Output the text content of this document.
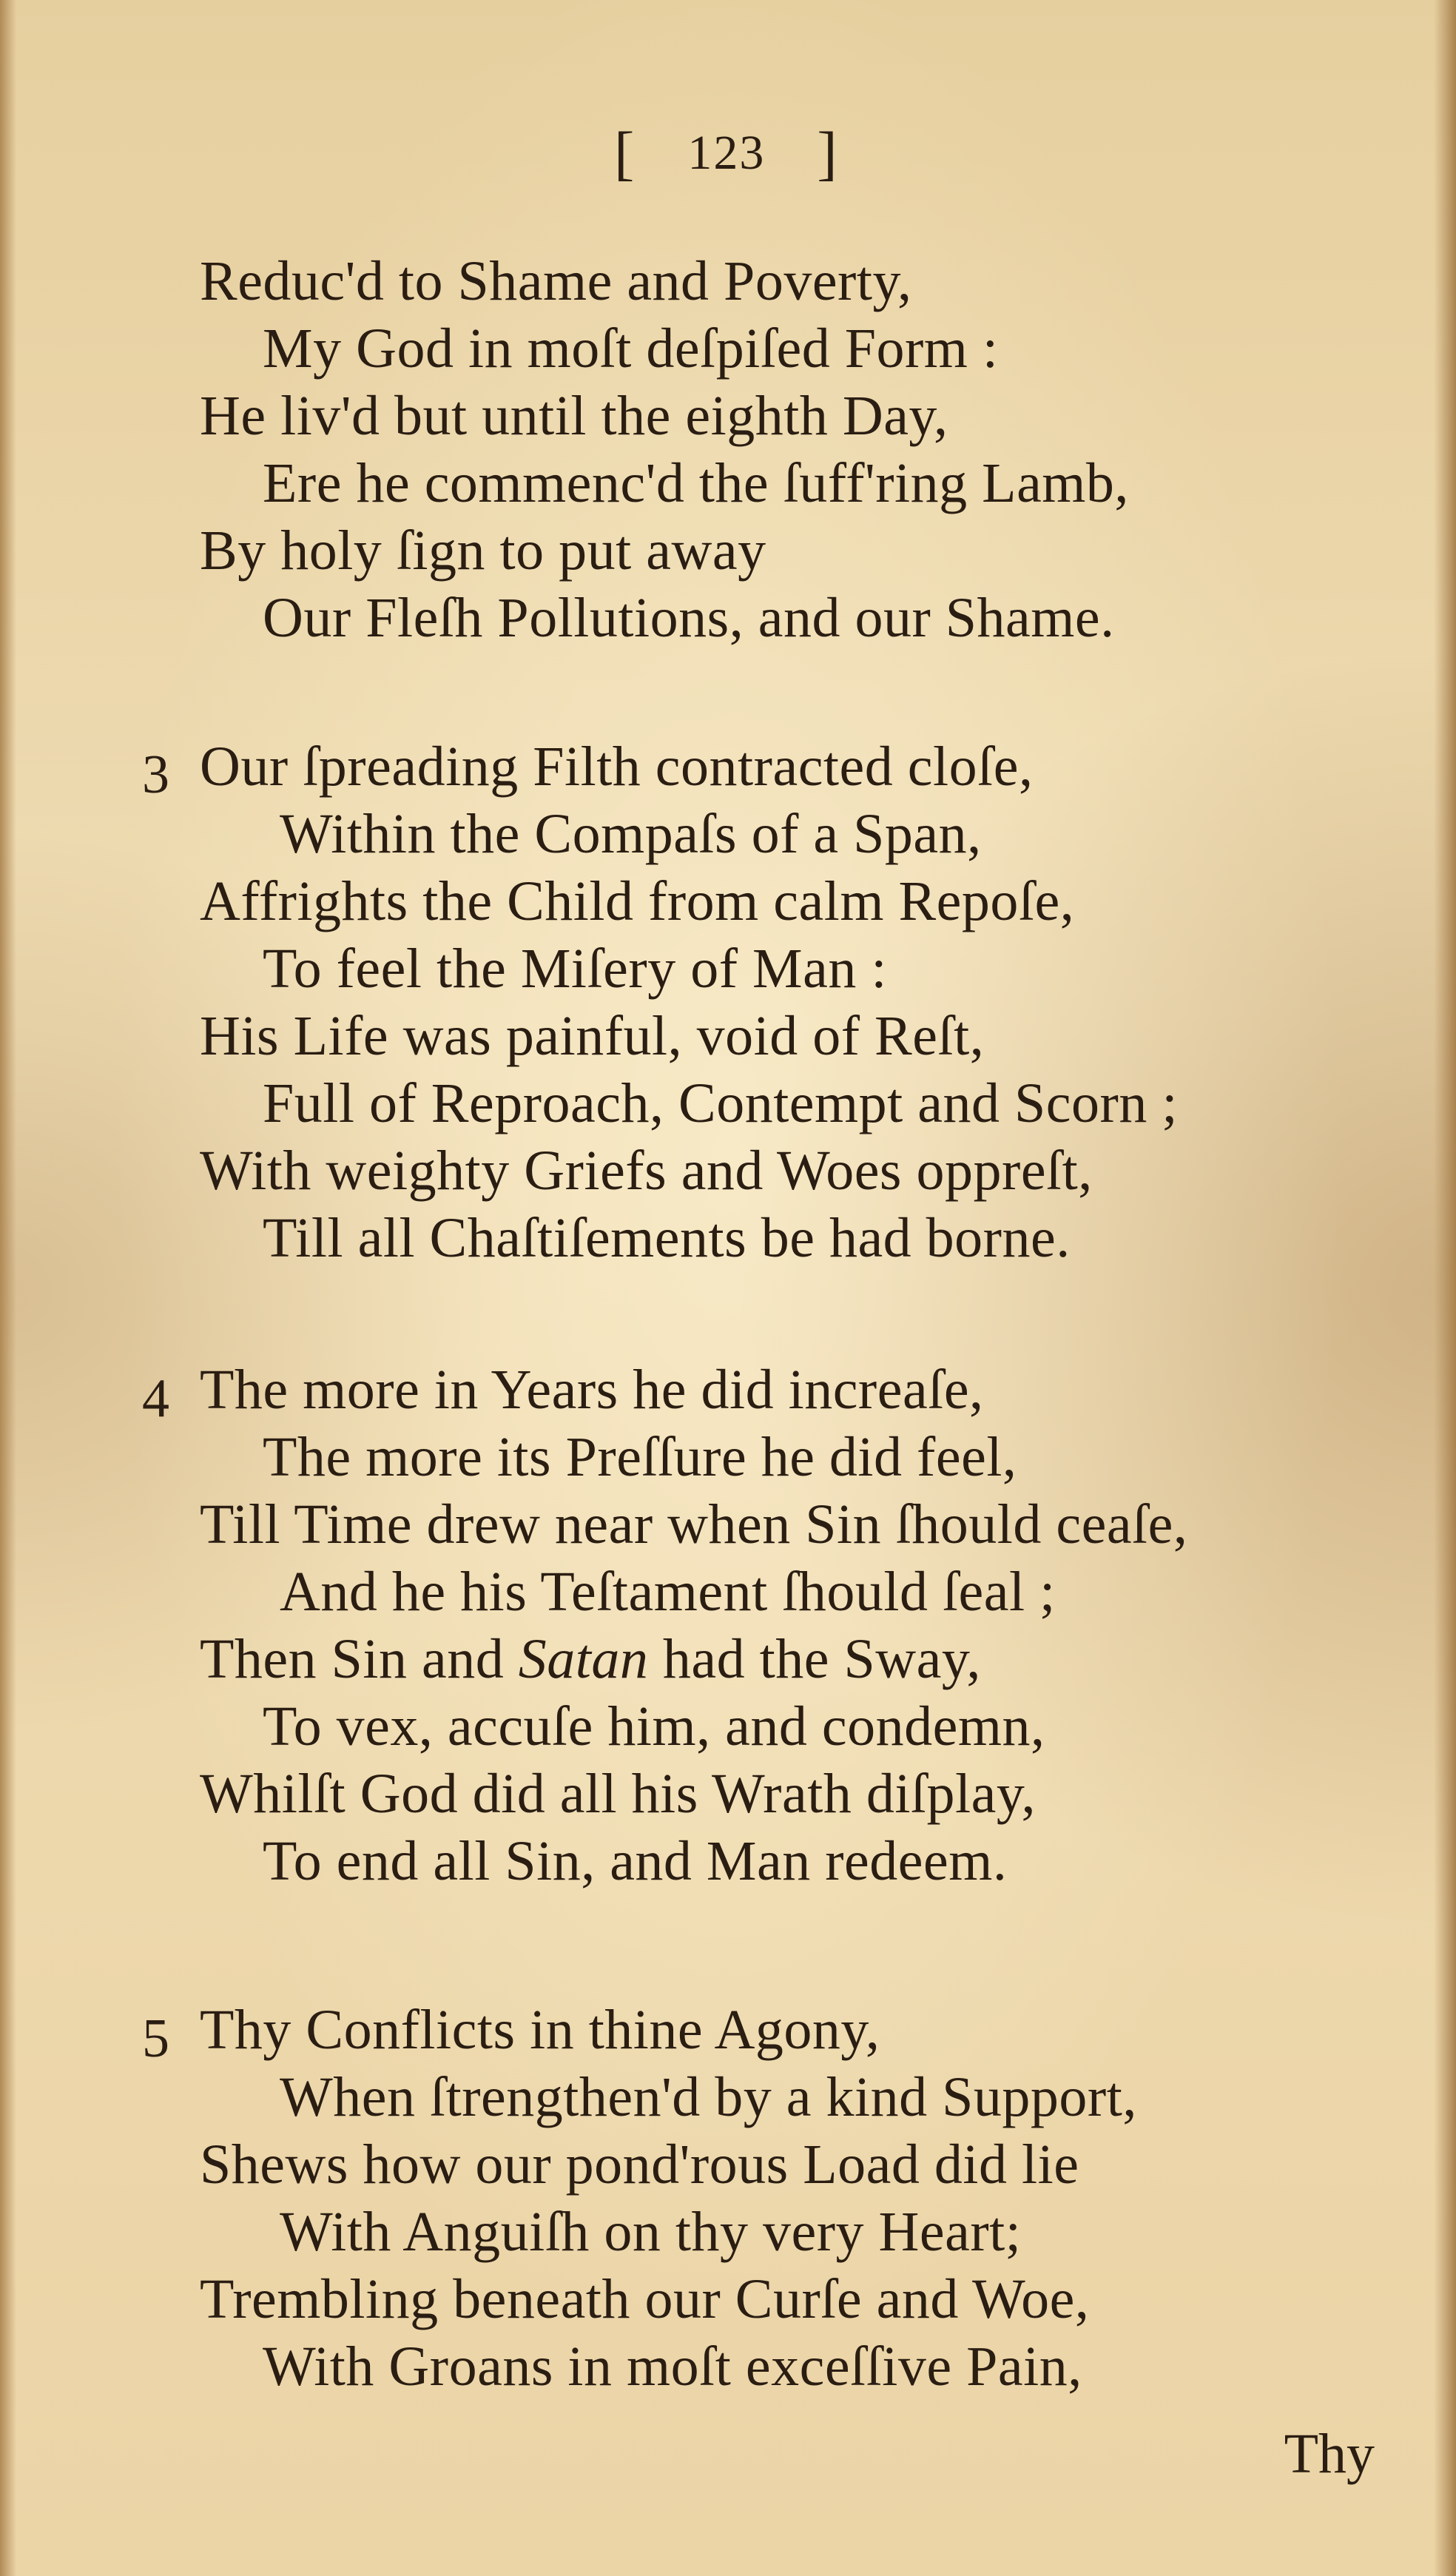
[ 123 ]
Reduc'd to Shame and Poverty,
My God in moſt deſpiſed Form :
He liv'd but until the eighth Day,
Ere he commenc'd the ſuff'ring Lamb,
By holy ſign to put away
Our Fleſh Pollutions, and our Shame.
3 Our ſpreading Filth contracted cloſe,
Within the Compaſs of a Span,
Affrights the Child from calm Repoſe,
To feel the Miſery of Man :
His Life was painful, void of Reſt,
Full of Reproach, Contempt and Scorn ;
With weighty Griefs and Woes oppreſt,
Till all Chaſtiſements be had borne.
4 The more in Years he did increaſe,
The more its Preſſure he did feel,
Till Time drew near when Sin ſhould ceaſe,
And he his Teſtament ſhould ſeal ;
Then Sin and Satan had the Sway,
To vex, accuſe him, and condemn,
Whilſt God did all his Wrath diſplay,
To end all Sin, and Man redeem.
5 Thy Conflicts in thine Agony,
When ſtrengthen'd by a kind Support,
Shews how our pond'rous Load did lie
With Anguiſh on thy very Heart;
Trembling beneath our Curſe and Woe,
With Groans in moſt exceſſive Pain,
Thy
